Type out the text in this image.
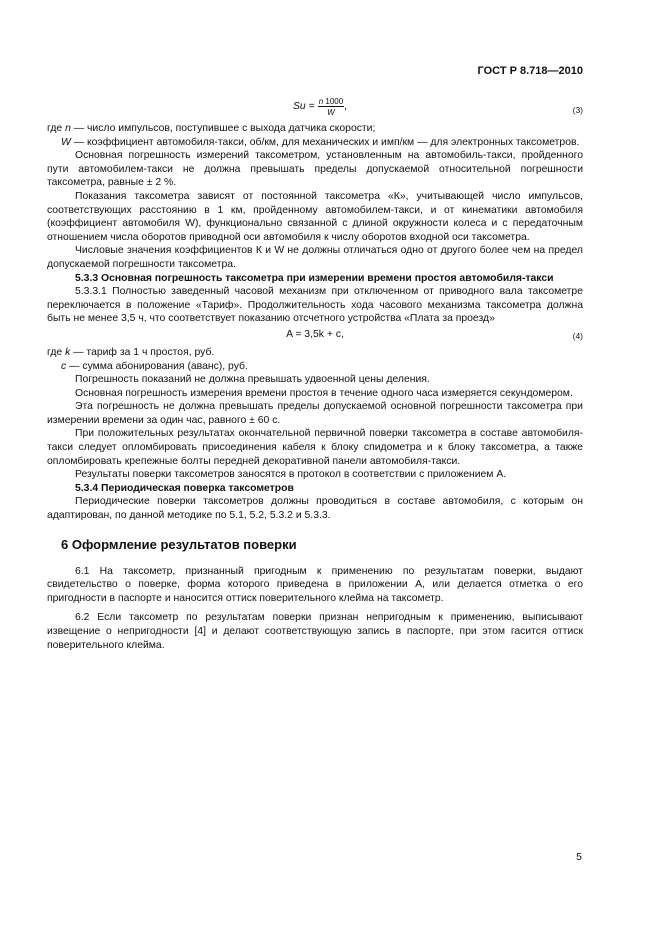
ГОСТ Р 8.718—2010
$Su = \frac{n 1000}{W}$ ,	(3)

где n — число импульсов, поступившее с выхода датчика скорости;

W — коэффициент автомобиля-такси, об/км, для механических и имп/км — для электронных таксометров.

Основная погрешность измерений таксометром, установленным на автомобиль-такси, пройденного пути автомобилем-такси не должна превышать пределы допускаемой относительной погрешности таксометра, равные ± 2 %.

Показания таксометра зависят от постоянной таксометра «К», учитывающей число импульсов, соответствующих расстоянию в 1 км, пройденному автомобилем-такси, и от кинематики автомобиля (коэффициент автомобиля W), функционально связанной с длиной окружности колеса и с передаточным отношением числа оборотов приводной оси автомобиля к числу оборотов входной оси таксометра.

Числовые значения коэффициентов К и W не должны отличаться одно от другого более чем на предел допускаемой погрешности таксометра.

5.3.3 Основная погрешность таксометра при измерении времени простоя автомобиля-такси

5.3.3.1 Полностью заведенный часовой механизм при отключенном от приводного вала таксометре переключается в положение «Тариф». Продолжительность хода часового механизма таксометра должна быть не менее 3,5 ч, что соответствует показанию отсчетного устройства «Плата за проезд»

A = 3,5k + c,	(4)

где k — тариф за 1 ч простоя, руб.

c — сумма абонирования (аванс), руб.

Погрешность показаний не должна превышать удвоенной цены деления.

Основная погрешность измерения времени простоя в течение одного часа измеряется секундомером.

Эта погрешность не должна превышать пределы допускаемой основной погрешности таксометра при измерении времени за один час, равного ± 60 с.

При положительных результатах окончательной первичной поверки таксометра в составе автомобиля-такси следует опломбировать присоединения кабеля к блоку спидометра и к блоку таксометра, а также опломбировать крепежные болты передней декоративной панели автомобиля-такси.

Результаты поверки таксометров заносятся в протокол в соответствии с приложением А.

5.3.4 Периодическая поверка таксометров

Периодические поверки таксометров должны проводиться в составе автомобиля, с которым он адаптирован, по данной методике по 5.1, 5.2, 5.3.2 и 5.3.3.

6 Оформление результатов поверки

6.1 На таксометр, признанный пригодным к применению по результатам поверки, выдают свидетельство о поверке, форма которого приведена в приложении А, или делается отметка о его пригодности в паспорте и наносится оттиск поверительного клейма на таксометр.

6.2 Если таксометр по результатам поверки признан непригодным к применению, выписывают извещение о непригодности [4] и делают соответствующую запись в паспорте, при этом гасится оттиск поверительного клейма.

5
